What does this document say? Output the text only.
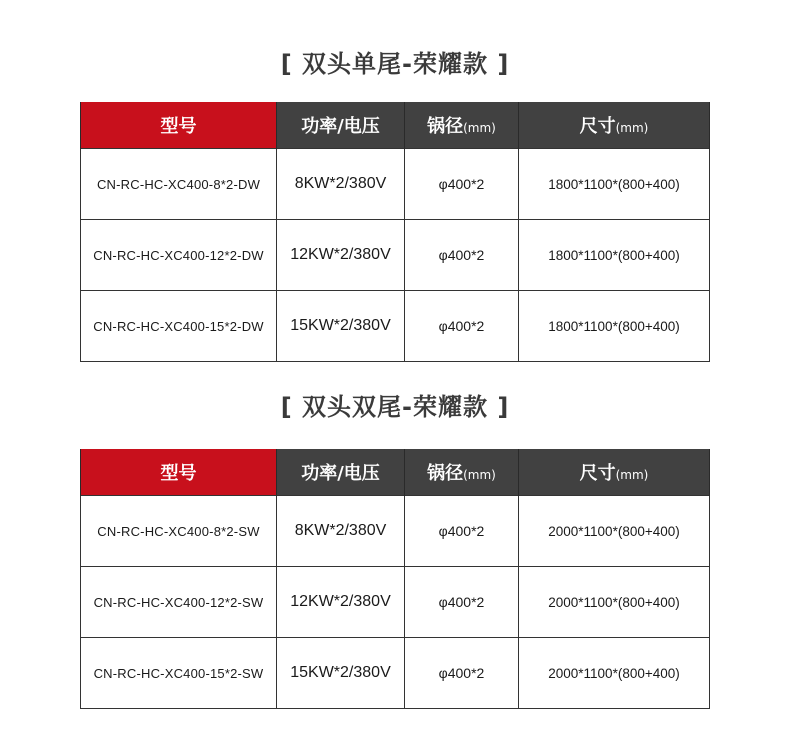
[ 双头单尾-荣耀款 ]
型号	功率/电压	锅径(mm)	尺寸(mm)
CN-RC-HC-XC400-8*2-DW	8KW*2/380V	φ400*2	1800*1100*(800+400)
CN-RC-HC-XC400-12*2-DW	12KW*2/380V	φ400*2	1800*1100*(800+400)
CN-RC-HC-XC400-15*2-DW	15KW*2/380V	φ400*2	1800*1100*(800+400)
[ 双头双尾-荣耀款 ]
型号	功率/电压	锅径(mm)	尺寸(mm)
CN-RC-HC-XC400-8*2-SW	8KW*2/380V	φ400*2	2000*1100*(800+400)
CN-RC-HC-XC400-12*2-SW	12KW*2/380V	φ400*2	2000*1100*(800+400)
CN-RC-HC-XC400-15*2-SW	15KW*2/380V	φ400*2	2000*1100*(800+400)
